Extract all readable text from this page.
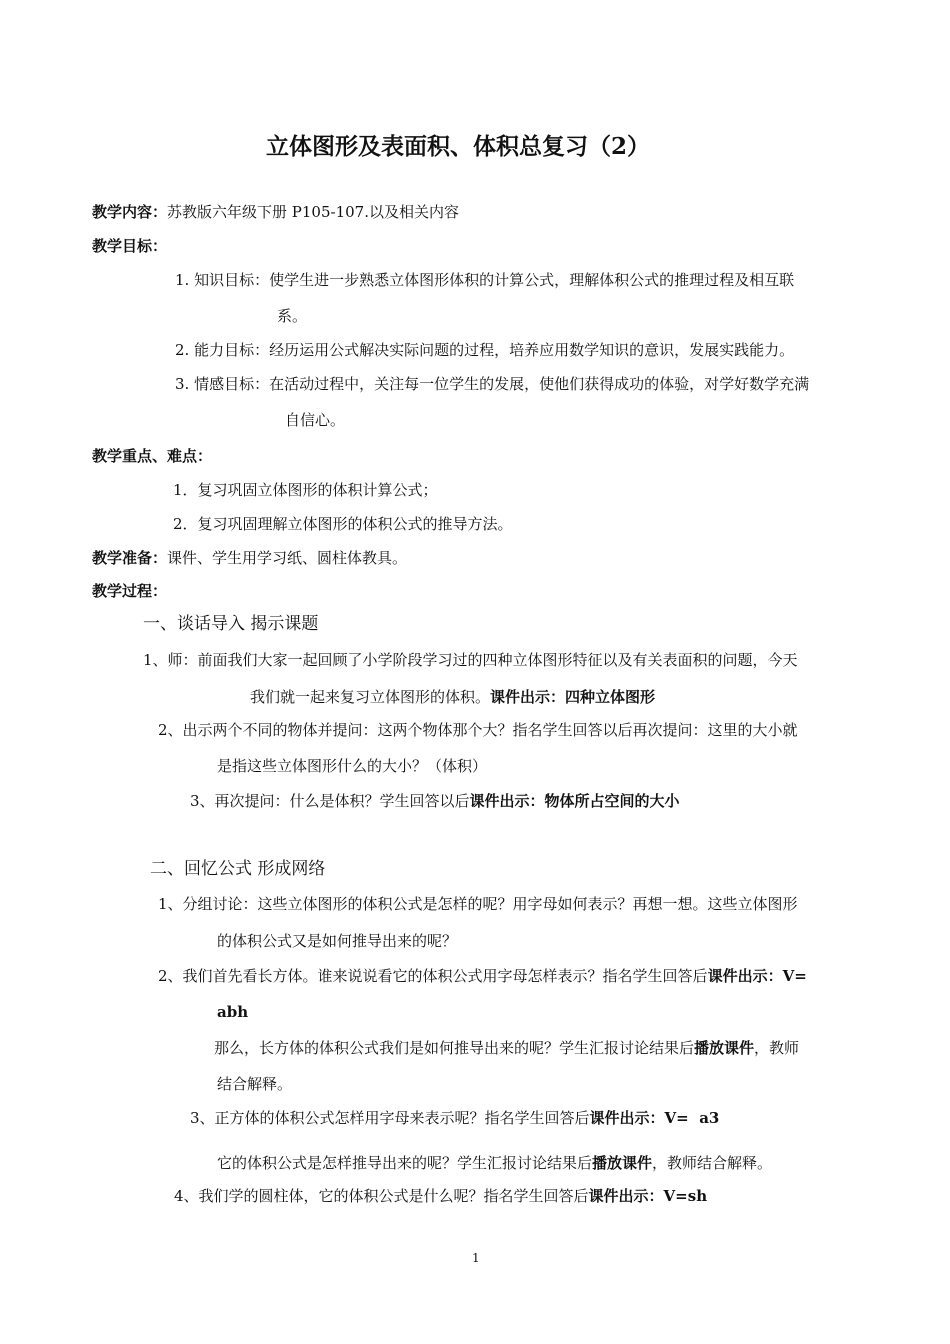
立体图形及表面积、体积总复习（2）
教学内容：苏教版六年级下册 P105-107.以及相关内容
教学目标：
1. 知识目标：使学生进一步熟悉立体图形体积的计算公式，理解体积公式的推理过程及相互联
系。
2. 能力目标：经历运用公式解决实际问题的过程，培养应用数学知识的意识，发展实践能力。
3. 情感目标：在活动过程中，关注每一位学生的发展，使他们获得成功的体验，对学好数学充满
自信心。
教学重点、难点：
1．复习巩固立体图形的体积计算公式；
2．复习巩固理解立体图形的体积公式的推导方法。
教学准备：课件、学生用学习纸、圆柱体教具。
教学过程：
一、谈话导入 揭示课题
1、师：前面我们大家一起回顾了小学阶段学习过的四种立体图形特征以及有关表面积的问题，今天
我们就一起来复习立体图形的体积。课件出示：四种立体图形
2、出示两个不同的物体并提问：这两个物体那个大？指名学生回答以后再次提问：这里的大小就
是指这些立体图形什么的大小？（体积）
3、再次提问：什么是体积？学生回答以后课件出示：物体所占空间的大小
二、回忆公式 形成网络
1、分组讨论：这些立体图形的体积公式是怎样的呢？用字母如何表示？再想一想。这些立体图形
的体积公式又是如何推导出来的呢？
2、我们首先看长方体。谁来说说看它的体积公式用字母怎样表示？指名学生回答后课件出示：V=
abh
那么，长方体的体积公式我们是如何推导出来的呢？学生汇报讨论结果后播放课件，教师
结合解释。
3、正方体的体积公式怎样用字母来表示呢？指名学生回答后课件出示：V=  a3
它的体积公式是怎样推导出来的呢？学生汇报讨论结果后播放课件，教师结合解释。
4、我们学的圆柱体，它的体积公式是什么呢？指名学生回答后课件出示：V=sh
1
